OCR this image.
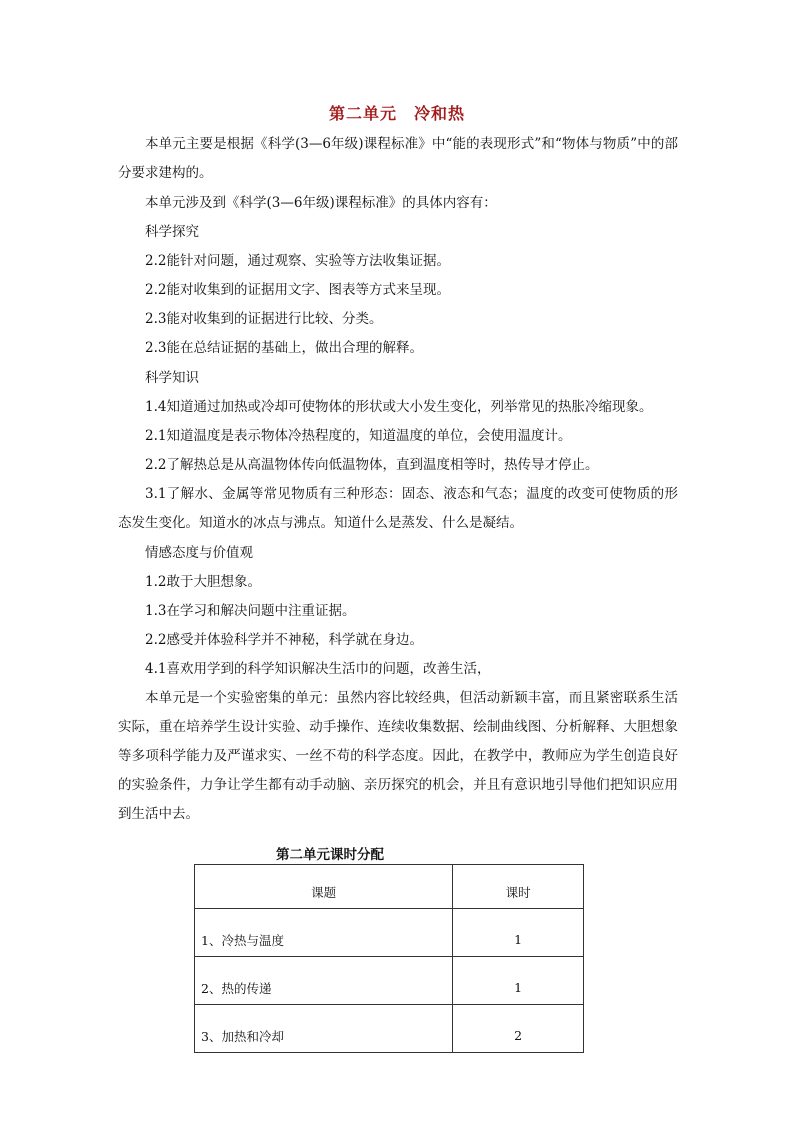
第二单元　冷和热

本单元主要是根据《科学(3—6年级)课程标准》中“能的表现形式”和“物体与物质”中的部分要求建构的。

本单元涉及到《科学(3—6年级)课程标准》的具体内容有：

科学探究
2.2能针对问题，通过观察、实验等方法收集证据。
2.2能对收集到的证据用文字、图表等方式来呈现。
2.3能对收集到的证据进行比较、分类。
2.3能在总结证据的基础上，做出合理的解释。
科学知识
1.4知道通过加热或冷却可使物体的形状或大小发生变化，列举常见的热胀冷缩现象。
2.1知道温度是表示物体冷热程度的，知道温度的单位，会使用温度计。
2.2了解热总是从高温物体传向低温物体，直到温度相等时，热传导才停止。

3.1了解水、金属等常见物质有三种形态：固态、液态和气态；温度的改变可使物质的形态发生变化。知道水的冰点与沸点。知道什么是蒸发、什么是凝结。

情感态度与价值观
1.2敢于大胆想象。
1.3在学习和解决问题中注重证据。
2.2感受并体验科学并不神秘，科学就在身边。
4.1喜欢用学到的科学知识解决生活巾的问题，改善生活，

本单元是一个实验密集的单元：虽然内容比较经典，但活动新颖丰富，而且紧密联系生活实际，重在培养学生设计实验、动手操作、连续收集数据、绘制曲线图、分析解释、大胆想象等多项科学能力及严谨求实、一丝不苟的科学态度。因此，在教学中，教师应为学生创造良好的实验条件，力争让学生都有动手动脑、亲历探究的机会，并且有意识地引导他们把知识应用到生活中去。

第二单元课时分配
课题	课时
1、冷热与温度	1
2、热的传递	1
3、加热和冷却	2
